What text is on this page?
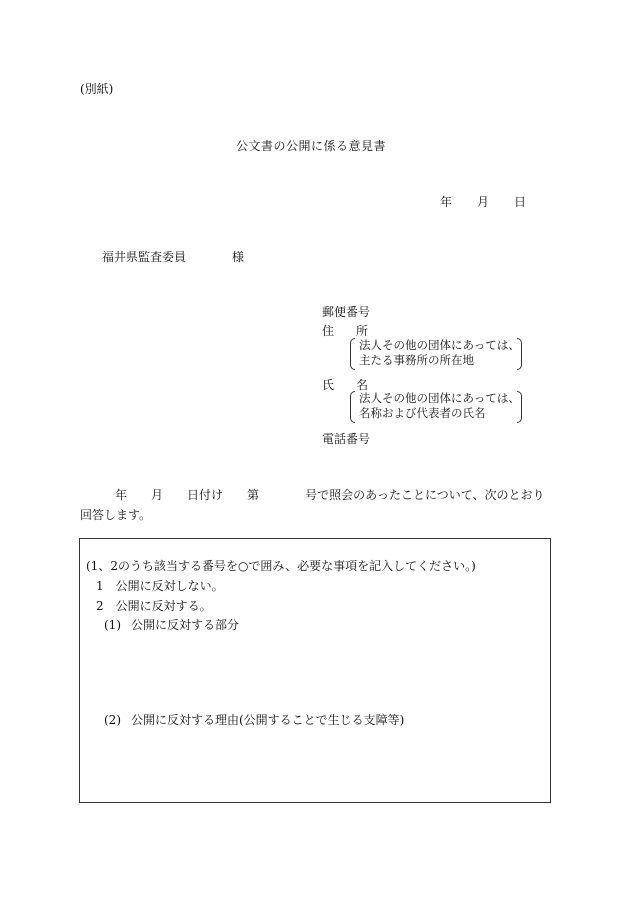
(別紙)
公文書の公開に係る意見書
年 月 日
福井県監査委員	様
郵便番号
住 所
法人その他の団体にあっては、
主たる事務所の所在地
氏 名
法人その他の団体にあっては、
名称および代表者の氏名
電話番号
年 月 日付け 第	号で照会のあったことについて、次のとおり回答します。
(1、2のうち該当する番号を○で囲み、必要な事項を記入してください。)
1 公開に反対しない。
2 公開に反対する。
(1) 公開に反対する部分
(2) 公開に反対する理由(公開することで生じる支障等)
